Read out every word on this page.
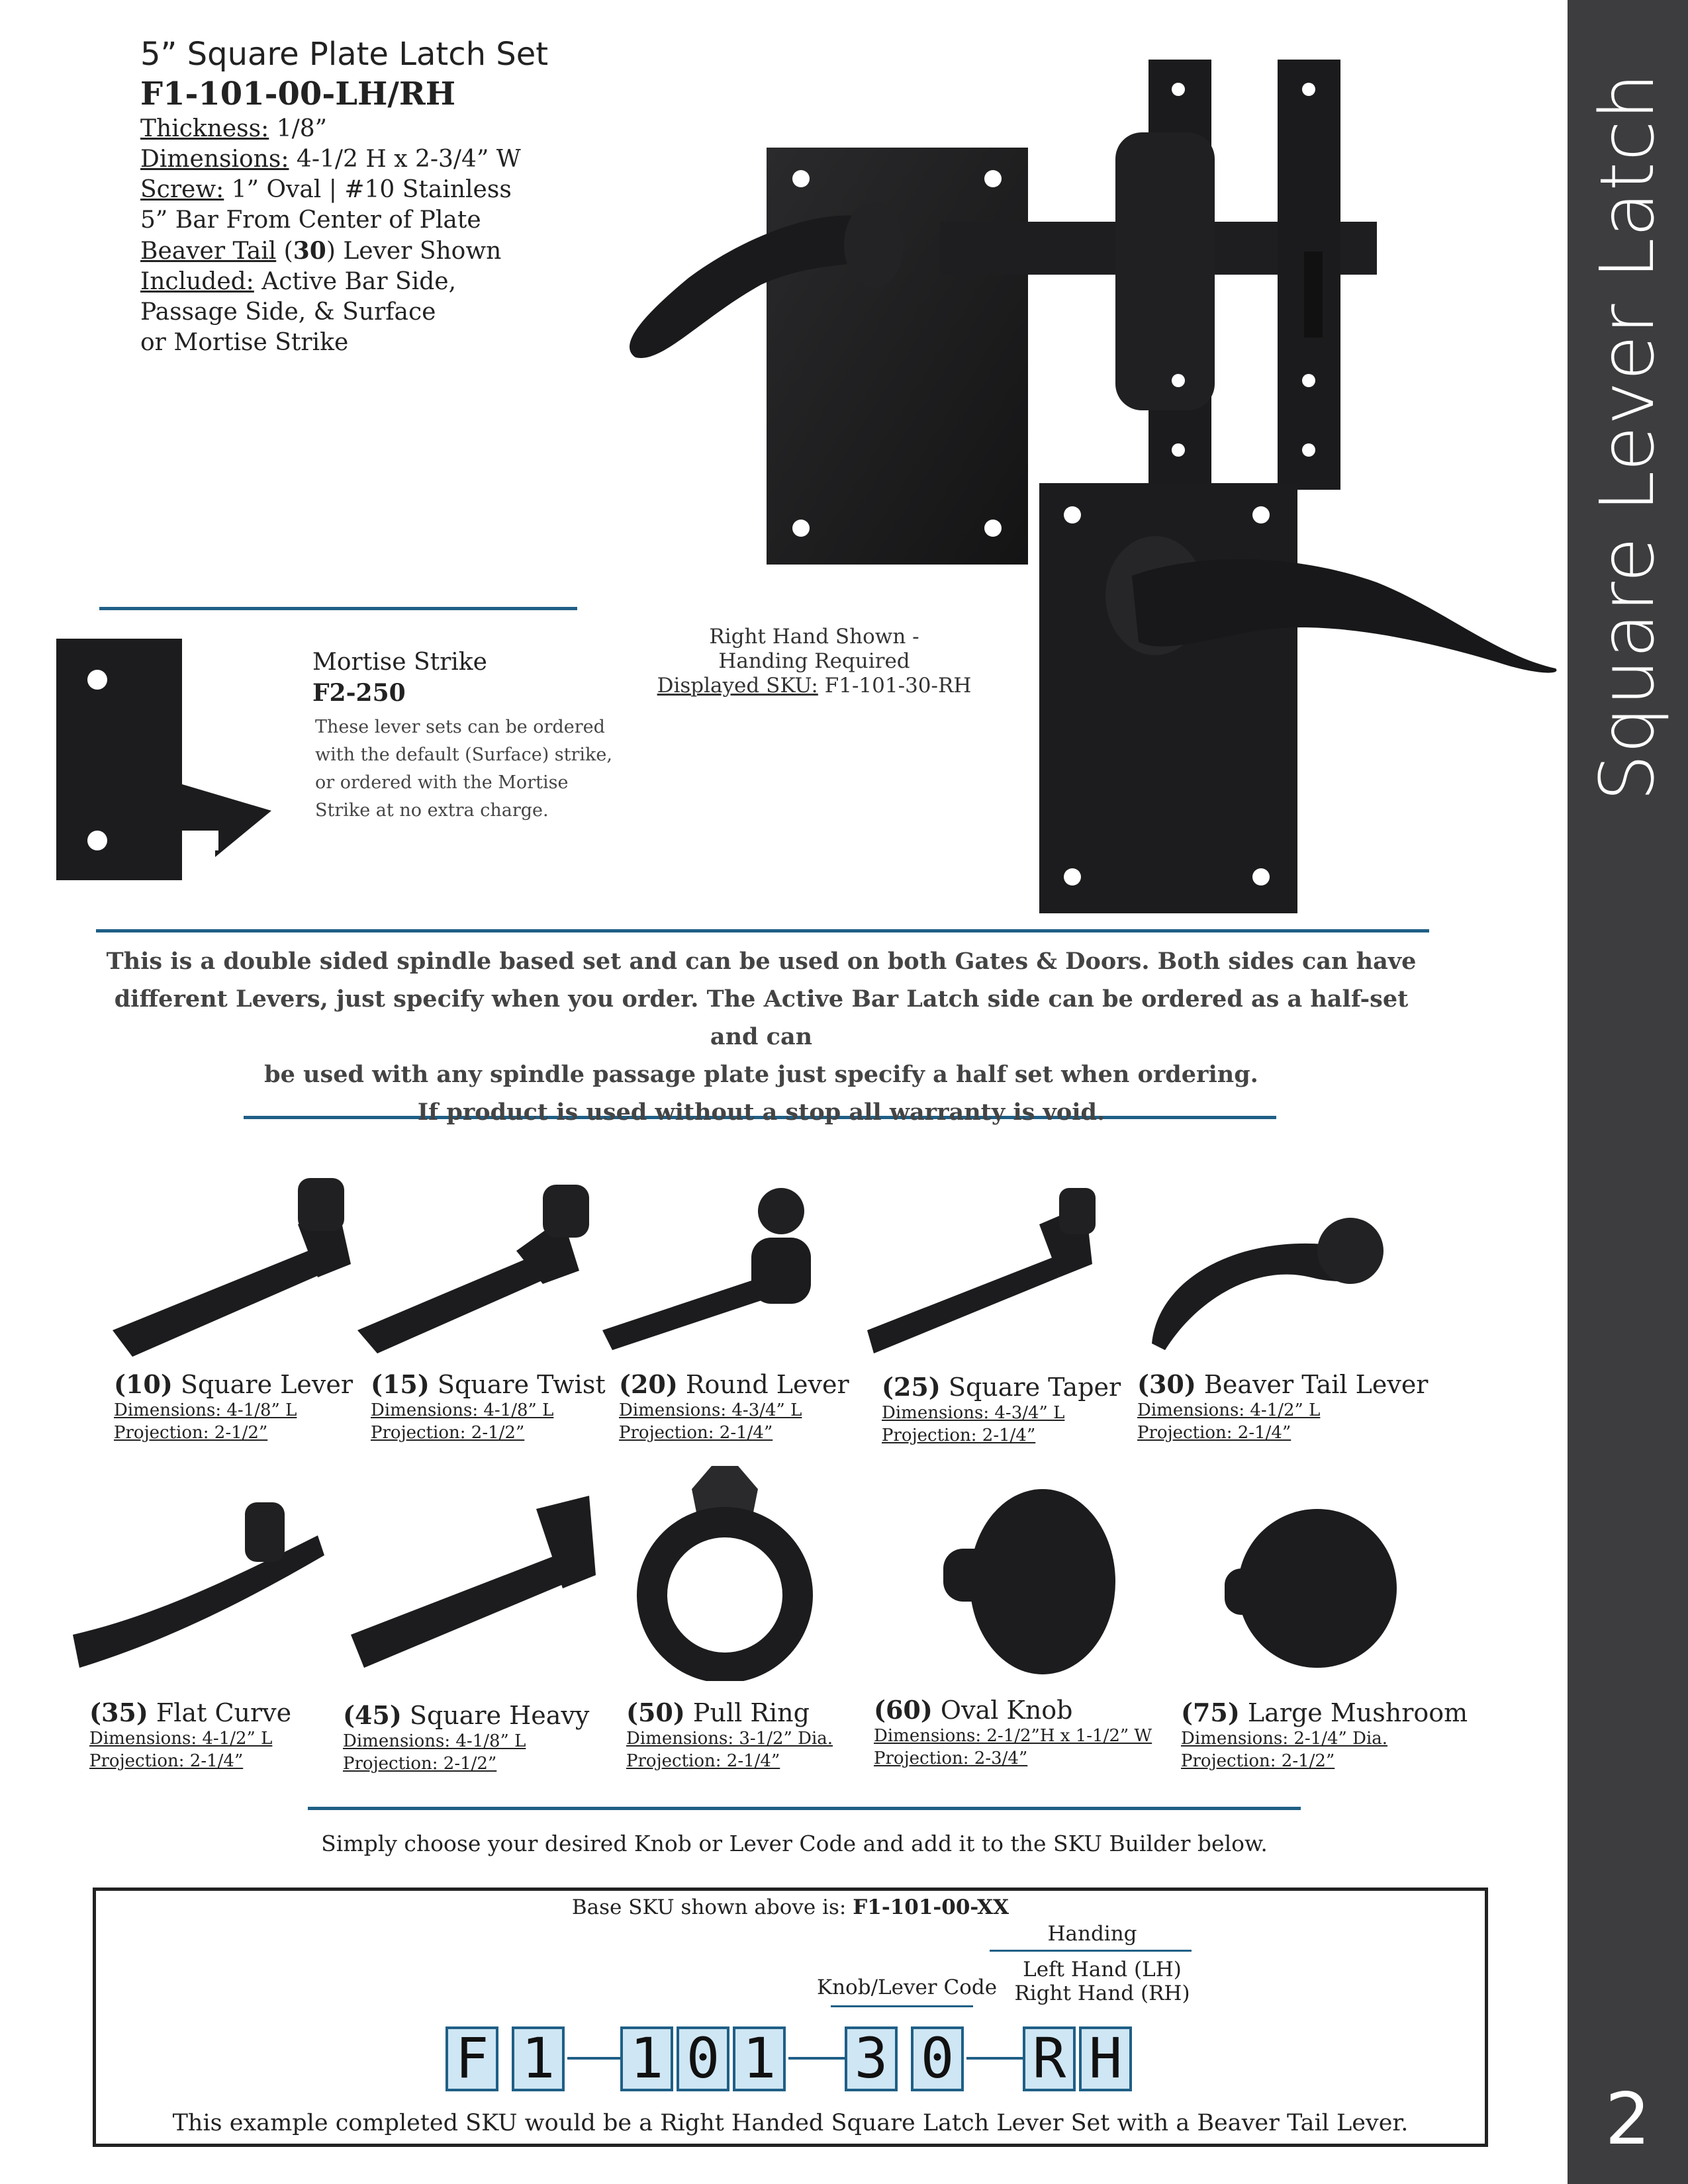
Square Lever Latch
2
5” Square Plate Latch Set
F1-101-00-LH/RH
Thickness: 1/8”
Dimensions: 4-1/2 H x 2-3/4” W
Screw: 1” Oval | #10 Stainless
5” Bar From Center of Plate
Beaver Tail (30) Lever Shown
Included: Active Bar Side,
Passage Side, & Surface
or Mortise Strike
Mortise Strike
F2-250
These lever sets can be ordered
with the default (Surface) strike,
or ordered with the Mortise
Strike at no extra charge.
Right Hand Shown -
Handing Required
Displayed SKU: F1-101-30-RH
This is a double sided spindle based set and can be used on both Gates & Doors. Both sides can have
different Levers, just specify when you order. The Active Bar Latch side can be ordered as a half-set and can
be used with any spindle passage plate just specify a half set when ordering.
If product is used without a stop all warranty is void.
(10) Square Lever
Dimensions: 4-1/8” L
Projection: 2-1/2”
(15) Square Twist
Dimensions: 4-1/8” L
Projection: 2-1/2”
(20) Round Lever
Dimensions: 4-3/4” L
Projection: 2-1/4”
(25) Square Taper
Dimensions: 4-3/4” L
Projection: 2-1/4”
(30) Beaver Tail Lever
Dimensions: 4-1/2” L
Projection: 2-1/4”
(35) Flat Curve
Dimensions: 4-1/2” L
Projection: 2-1/4”
(45) Square Heavy
Dimensions: 4-1/8” L
Projection: 2-1/2”
(50) Pull Ring
Dimensions: 3-1/2” Dia.
Projection: 2-1/4”
(60) Oval Knob
Dimensions: 2-1/2”H x 1-1/2” W
Projection: 2-3/4”
(75) Large Mushroom
Dimensions: 2-1/4” Dia.
Projection: 2-1/2”
Simply choose your desired Knob or Lever Code and add it to the SKU Builder below.
Base SKU shown above is: F1-101-00-XX
Handing
Left Hand (LH)
Right Hand (RH)
Knob/Lever Code
F 1 1 0 1 3 0 R H
This example completed SKU would be a Right Handed Square Latch Lever Set with a Beaver Tail Lever.
